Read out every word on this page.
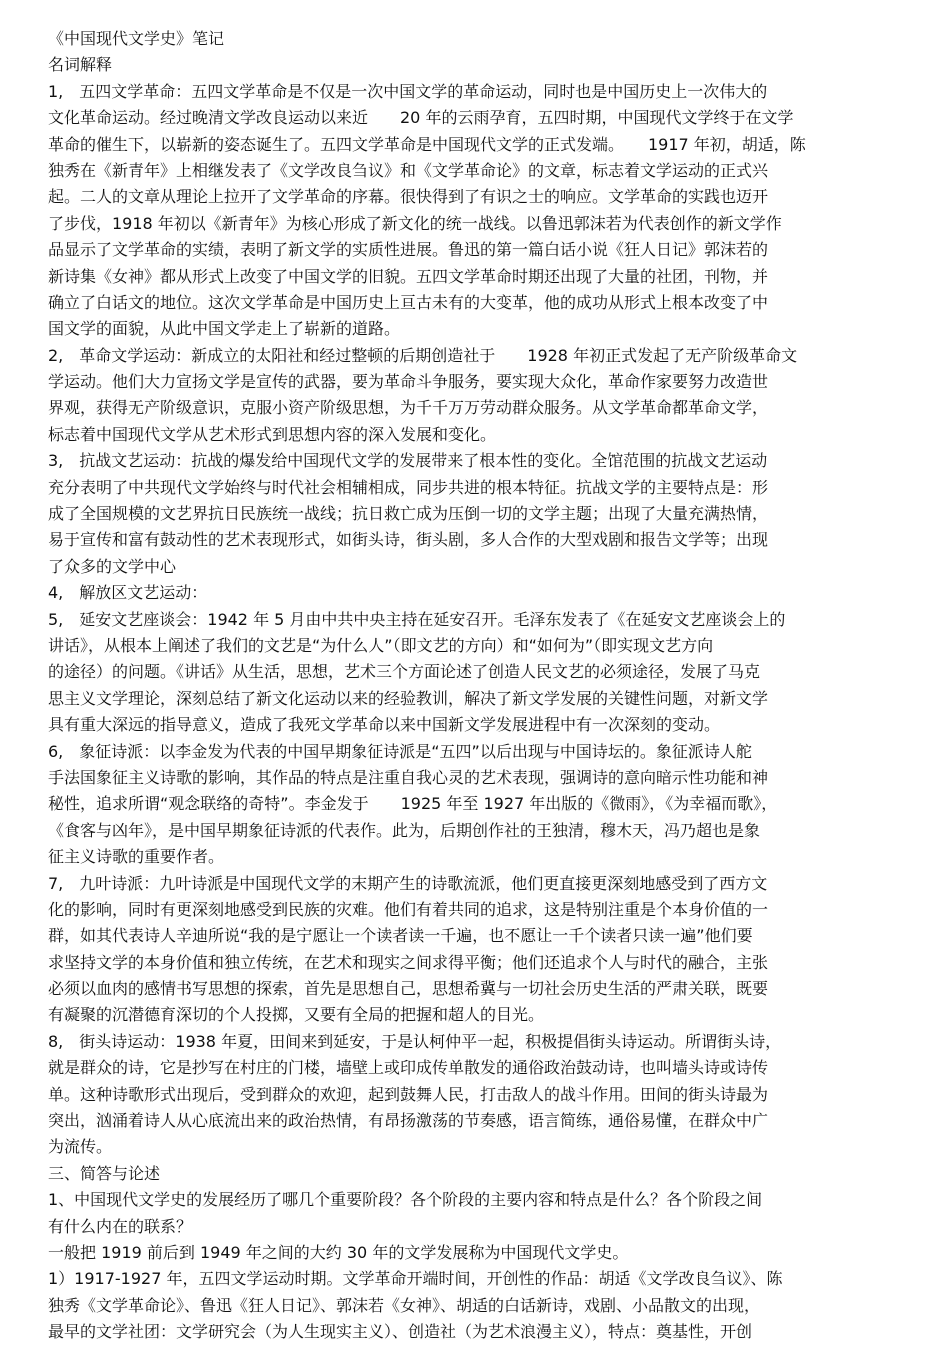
《中国现代文学史》笔记
名词解释
1,　五四文学革命：五四文学革命是不仅是一次中国文学的革命运动，同时也是中国历史上一次伟大的
文化革命运动。经过晚清文学改良运动以来近　　20 年的云雨孕育，五四时期，中国现代文学终于在文学
革命的催生下，以崭新的姿态诞生了。五四文学革命是中国现代文学的正式发端。　　1917 年初，胡适，陈
独秀在《新青年》上相继发表了《文学改良刍议》和《文学革命论》的文章，标志着文学运动的正式兴
起。二人的文章从理论上拉开了文学革命的序幕。很快得到了有识之士的响应。文学革命的实践也迈开
了步伐，1918 年初以《新青年》为核心形成了新文化的统一战线。以鲁迅郭沫若为代表创作的新文学作
品显示了文学革命的实绩，表明了新文学的实质性进展。鲁迅的第一篇白话小说《狂人日记》郭沫若的
新诗集《女神》都从形式上改变了中国文学的旧貌。五四文学革命时期还出现了大量的社团，刊物，并
确立了白话文的地位。这次文学革命是中国历史上亘古未有的大变革，他的成功从形式上根本改变了中
国文学的面貌，从此中国文学走上了崭新的道路。
2,　革命文学运动：新成立的太阳社和经过整顿的后期创造社于　　1928 年初正式发起了无产阶级革命文
学运动。他们大力宣扬文学是宣传的武器，要为革命斗争服务，要实现大众化，革命作家要努力改造世
界观，获得无产阶级意识，克服小资产阶级思想，为千千万万劳动群众服务。从文学革命都革命文学，
标志着中国现代文学从艺术形式到思想内容的深入发展和变化。
3,　抗战文艺运动：抗战的爆发给中国现代文学的发展带来了根本性的变化。全馆范围的抗战文艺运动
充分表明了中共现代文学始终与时代社会相辅相成，同步共进的根本特征。抗战文学的主要特点是：形
成了全国规模的文艺界抗日民族统一战线；抗日救亡成为压倒一切的文学主题；出现了大量充满热情，
易于宣传和富有鼓动性的艺术表现形式，如街头诗，街头剧，多人合作的大型戏剧和报告文学等；出现
了众多的文学中心
4,　解放区文艺运动：
5,　延安文艺座谈会：1942 年 5 月由中共中央主持在延安召开。毛泽东发表了《在延安文艺座谈会上的
讲话》，从根本上阐述了我们的文艺是“为什么人”（即文艺的方向）和“如何为”（即实现文艺方向
的途径）的问题。《讲话》从生活，思想，艺术三个方面论述了创造人民文艺的必须途径，发展了马克
思主义文学理论，深刻总结了新文化运动以来的经验教训，解决了新文学发展的关键性问题，对新文学
具有重大深远的指导意义，造成了我死文学革命以来中国新文学发展进程中有一次深刻的变动。
6,　象征诗派：以李金发为代表的中国早期象征诗派是“五四”以后出现与中国诗坛的。象征派诗人舵
手法国象征主义诗歌的影响，其作品的特点是注重自我心灵的艺术表现，强调诗的意向暗示性功能和神
秘性，追求所谓“观念联络的奇特”。李金发于　　1925 年至 1927 年出版的《微雨》，《为幸福而歌》，
《食客与凶年》，是中国早期象征诗派的代表作。此为，后期创作社的王独清，穆木天，冯乃超也是象
征主义诗歌的重要作者。
7,　九叶诗派：九叶诗派是中国现代文学的末期产生的诗歌流派，他们更直接更深刻地感受到了西方文
化的影响，同时有更深刻地感受到民族的灾难。他们有着共同的追求，这是特别注重是个本身价值的一
群，如其代表诗人辛迪所说“我的是宁愿让一个读者读一千遍，也不愿让一千个读者只读一遍”他们要
求坚持文学的本身价值和独立传统，在艺术和现实之间求得平衡；他们还追求个人与时代的融合，主张
必须以血肉的感情书写思想的探索，首先是思想自己，思想希冀与一切社会历史生活的严肃关联，既要
有凝聚的沉潜德育深切的个人投掷，又要有全局的把握和超人的目光。
8,　街头诗运动：1938 年夏，田间来到延安，于是认柯仲平一起，积极提倡街头诗运动。所谓街头诗，
就是群众的诗，它是抄写在村庄的门楼，墙壁上或印成传单散发的通俗政治鼓动诗，也叫墙头诗或诗传
单。这种诗歌形式出现后，受到群众的欢迎，起到鼓舞人民，打击敌人的战斗作用。田间的街头诗最为
突出，汹涌着诗人从心底流出来的政治热情，有昂扬激荡的节奏感，语言简练，通俗易懂，在群众中广
为流传。
三、简答与论述
1、中国现代文学史的发展经历了哪几个重要阶段？各个阶段的主要内容和特点是什么？各个阶段之间
有什么内在的联系？
一般把 1919 前后到 1949 年之间的大约 30 年的文学发展称为中国现代文学史。
1）1917-1927 年，五四文学运动时期。文学革命开端时间，开创性的作品：胡适《文学改良刍议》、陈
独秀《文学革命论》、鲁迅《狂人日记》、郭沫若《女神》、胡适的白话新诗，戏剧、小品散文的出现，
最早的文学社团：文学研究会（为人生现实主义）、创造社（为艺术浪漫主义），特点：奠基性，开创
